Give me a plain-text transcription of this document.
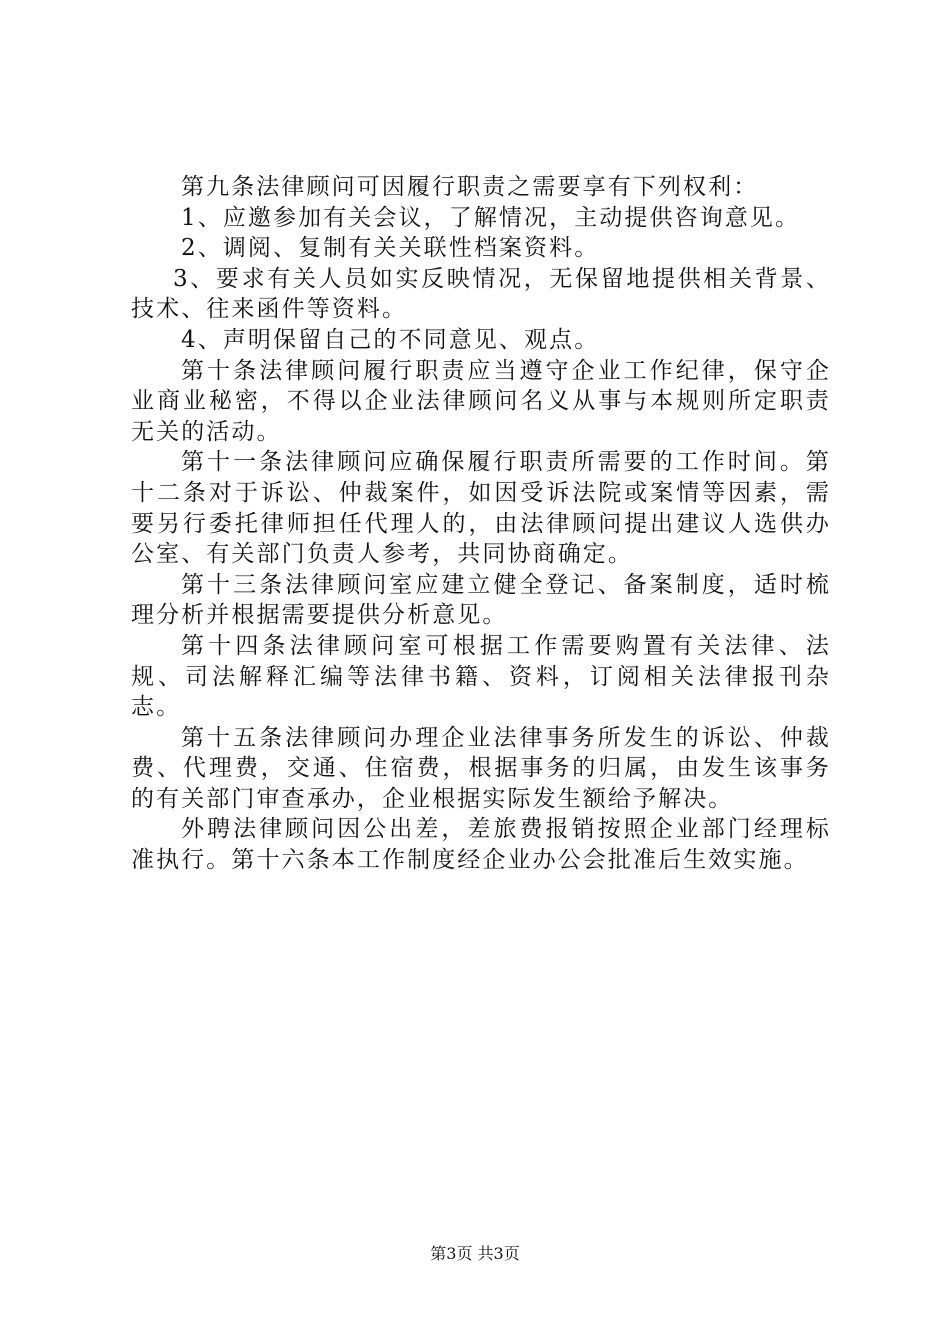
第九条法律顾问可因履行职责之需要享有下列权利：

1、应邀参加有关会议，了解情况，主动提供咨询意见。

2、调阅、复制有关关联性档案资料。

3、要求有关人员如实反映情况，无保留地提供相关背景、技术、往来函件等资料。

4、声明保留自己的不同意见、观点。

第十条法律顾问履行职责应当遵守企业工作纪律，保守企业商业秘密，不得以企业法律顾问名义从事与本规则所定职责无关的活动。

第十一条法律顾问应确保履行职责所需要的工作时间。第十二条对于诉讼、仲裁案件，如因受诉法院或案情等因素，需要另行委托律师担任代理人的，由法律顾问提出建议人选供办公室、有关部门负责人参考，共同协商确定。

第十三条法律顾问室应建立健全登记、备案制度，适时梳理分析并根据需要提供分析意见。

第十四条法律顾问室可根据工作需要购置有关法律、法规、司法解释汇编等法律书籍、资料，订阅相关法律报刊杂志。

第十五条法律顾问办理企业法律事务所发生的诉讼、仲裁费、代理费，交通、住宿费，根据事务的归属，由发生该事务的有关部门审查承办，企业根据实际发生额给予解决。

外聘法律顾问因公出差，差旅费报销按照企业部门经理标准执行。第十六条本工作制度经企业办公会批准后生效实施。

第3页 共3页
